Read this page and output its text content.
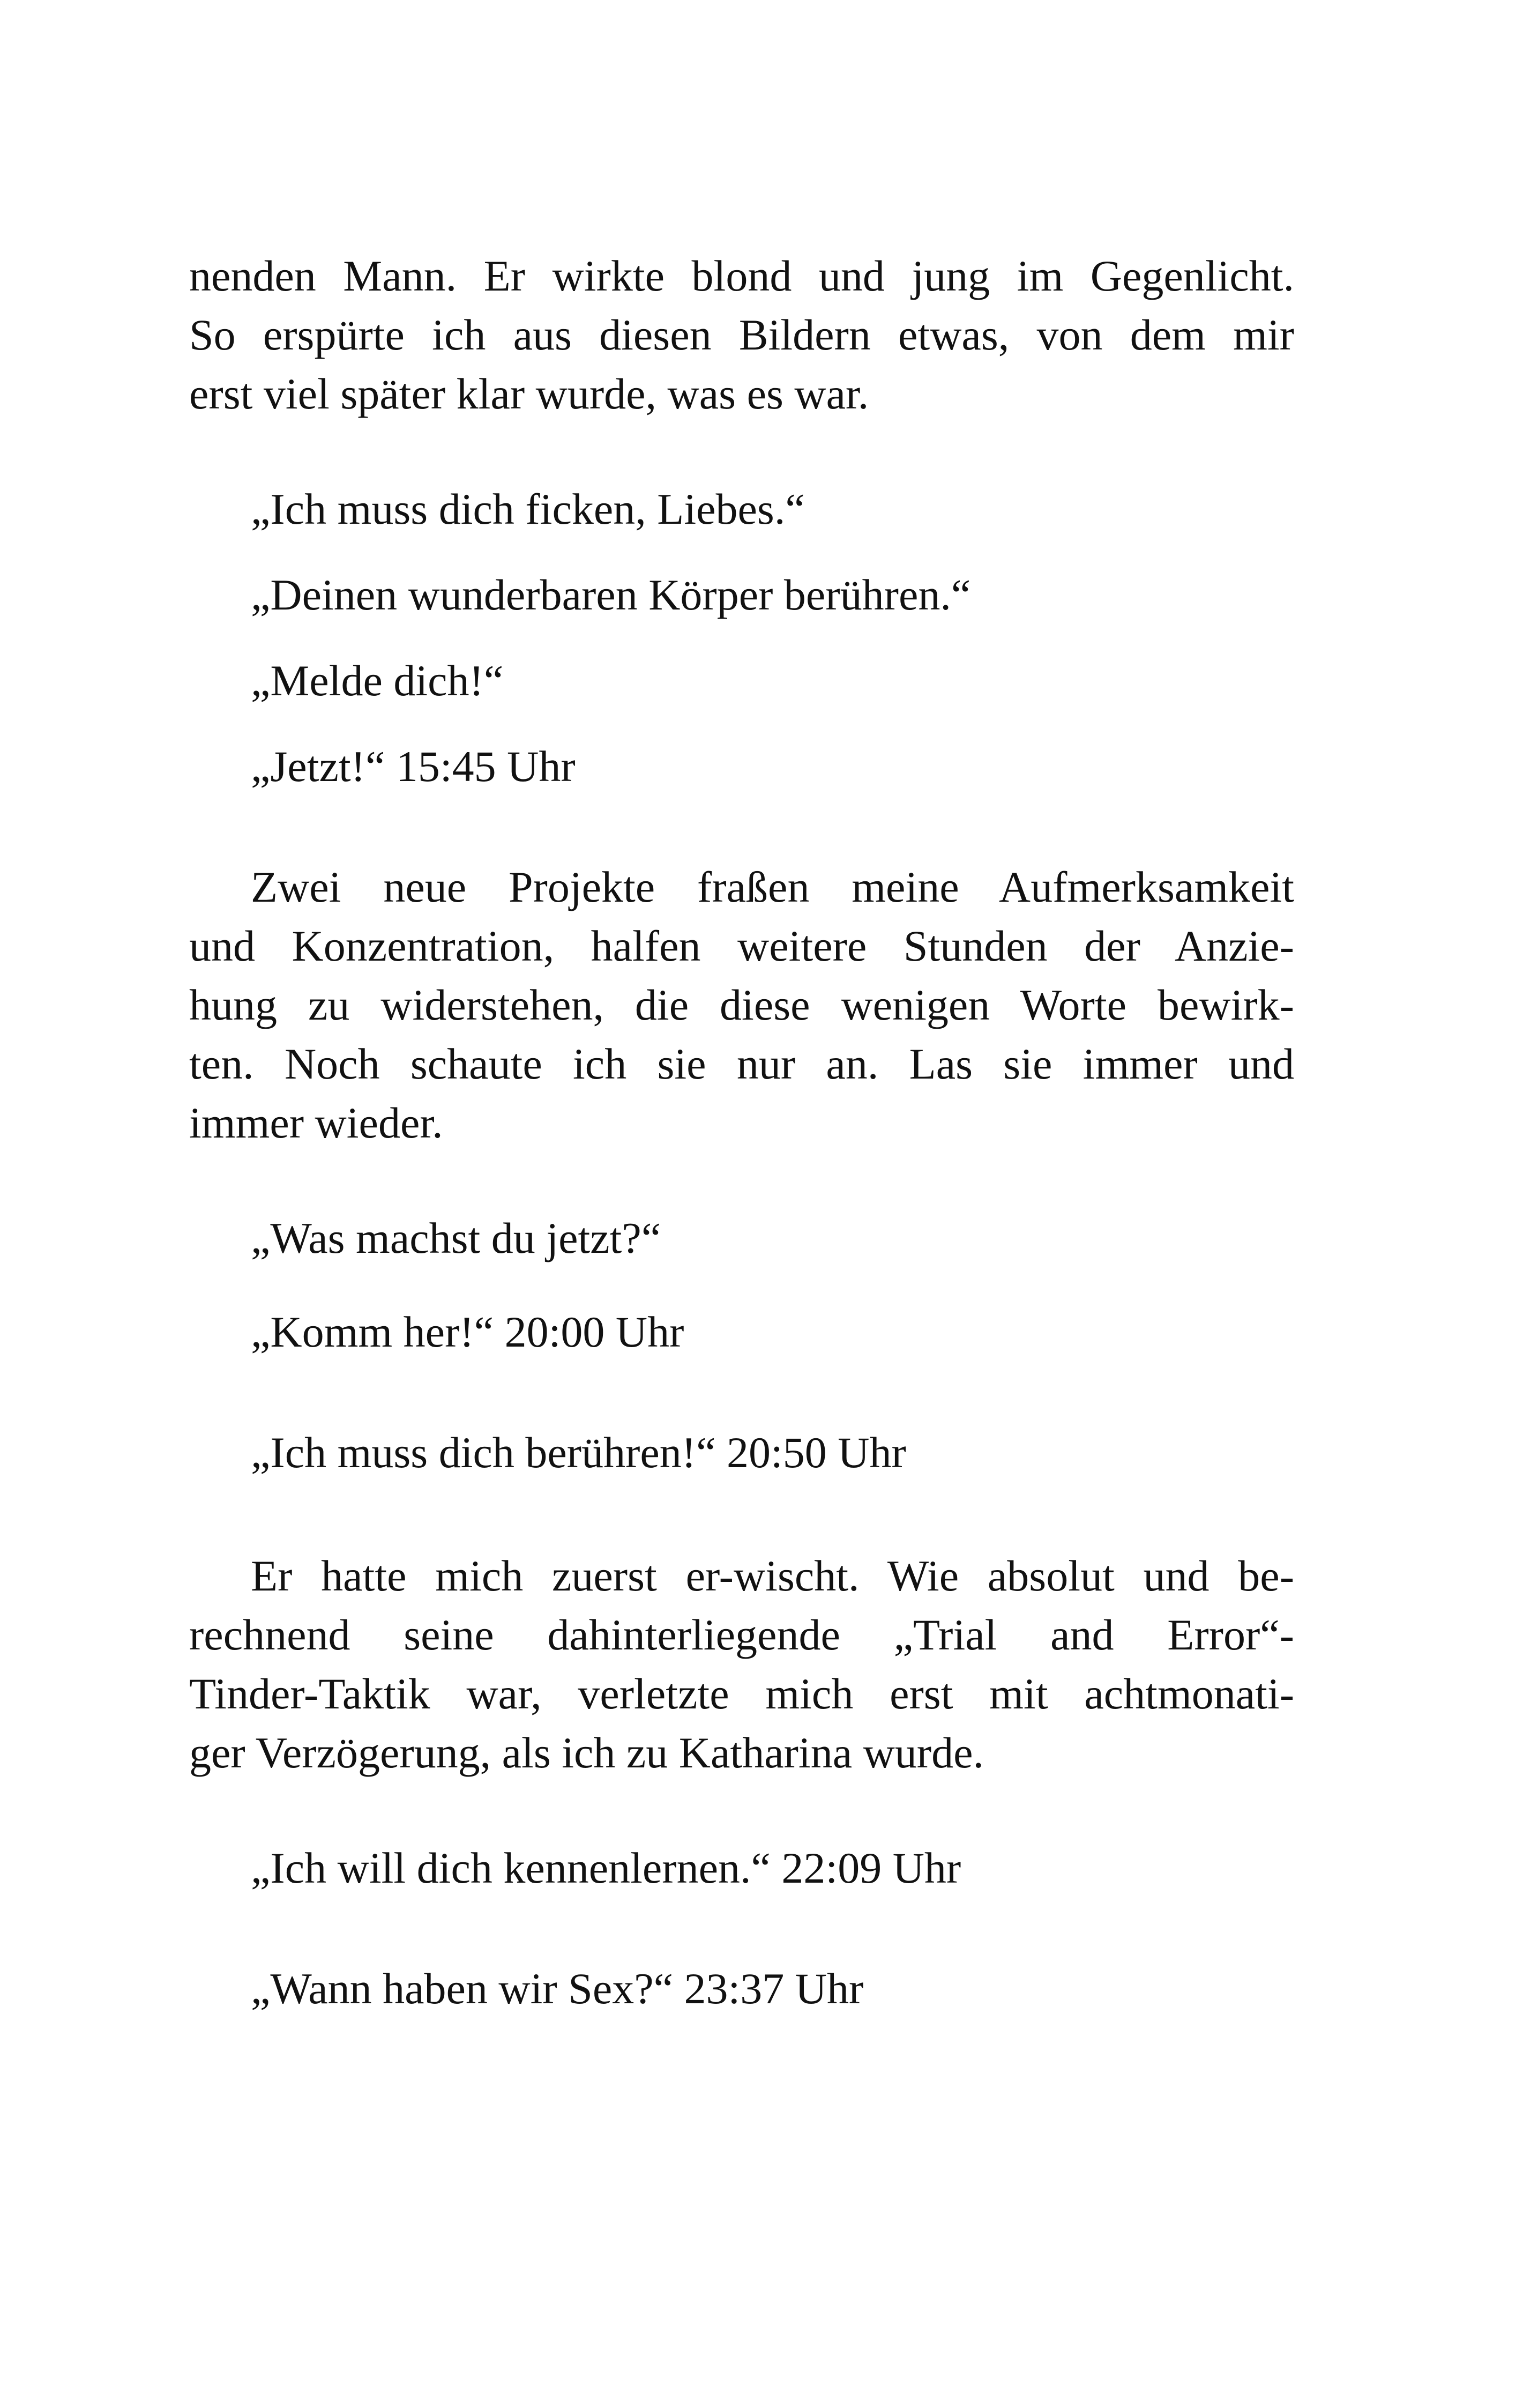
nenden Mann. Er wirkte blond und jung im Gegenlicht.
So erspürte ich aus diesen Bildern etwas, von dem mir
erst viel später klar wurde, was es war.
„Ich muss dich ficken, Liebes.“
„Deinen wunderbaren Körper berühren.“
„Melde dich!“
„Jetzt!“ 15:45 Uhr
Zwei neue Projekte fraßen meine Aufmerksamkeit
und Konzentration, halfen weitere Stunden der Anzie-
hung zu widerstehen, die diese wenigen Worte bewirk-
ten. Noch schaute ich sie nur an. Las sie immer und
immer wieder.
„Was machst du jetzt?“
„Komm her!“ 20:00 Uhr
„Ich muss dich berühren!“ 20:50 Uhr
Er hatte mich zuerst er-wischt. Wie absolut und be-
rechnend seine dahinterliegende „Trial and Error“-
Tinder-Taktik war, verletzte mich erst mit achtmonati-
ger Verzögerung, als ich zu Katharina wurde.
„Ich will dich kennenlernen.“ 22:09 Uhr
„Wann haben wir Sex?“ 23:37 Uhr
